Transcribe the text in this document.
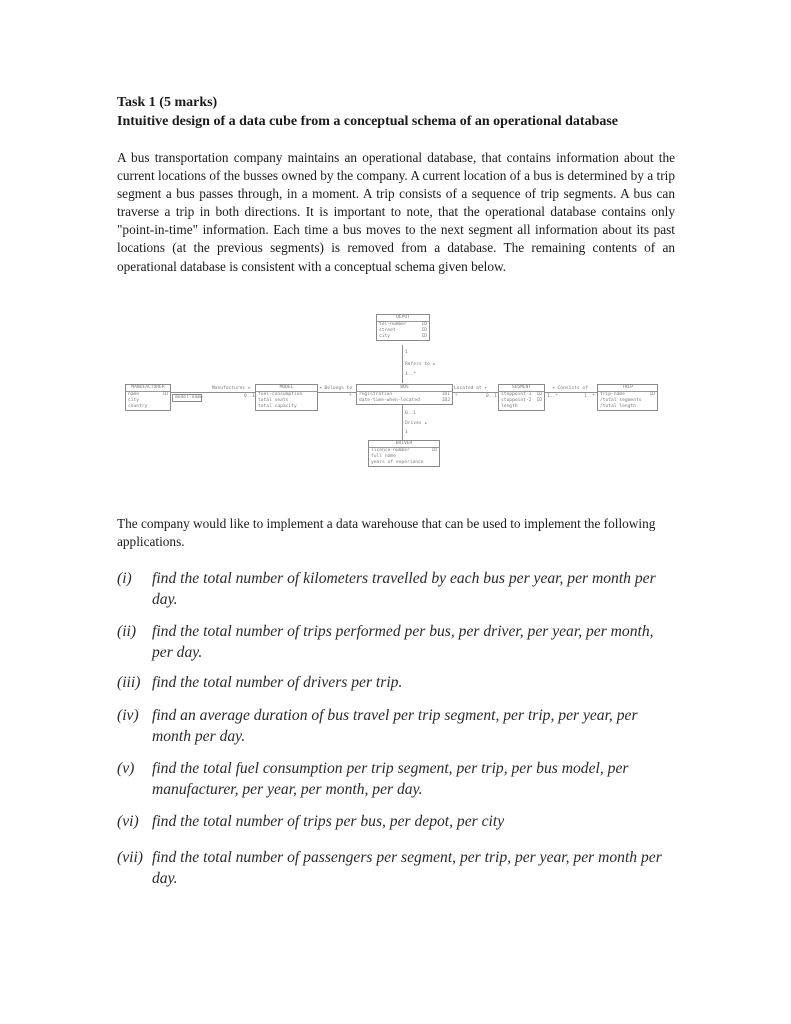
Task 1 (5 marks)
Intuitive design of a data cube from a conceptual schema of an operational database

A bus transportation company maintains an operational database, that contains information about the current locations of the busses owned by the company. A current location of a bus is determined by a trip segment a bus passes through, in a moment. A trip consists of a sequence of trip segments. A bus can traverse a trip in both directions. It is important to note, that the operational database contains only "point-in-time" information. Each time a bus moves to the next segment all information about its past locations (at the previous segments) is removed from a database. The remaining contents of an operational database is consistent with a conceptual schema given below.

DEPOT
tel-number	ID
street	ID
city	ID
MANUFACTURER
name	ID
city
country
model-name
MODEL
fuel-consumption
total seats
total capacity
BUS
registration	ID1
date-time-when-located	ID2
SEGMENT
stoppoint-1 ID
stoppoint-2 ID
length
TRIP
trip-name	ID
/total segments
/total length
DRIVER
licence-number	ID
full name
years of experience
Manufactures ▸
0..1
◂ Belongs to
*
Located at ▸
*	0..1
◂ Consists of
1..*	1..*
1
Refers to ▴
1..*
0..1
Drives ▴
1

The company would like to implement a data warehouse that can be used to implement the following applications.

(i) find the total number of kilometers travelled by each bus per year, per month per day.
(ii) find the total number of trips performed per bus, per driver, per year, per month, per day.
(iii) find the total number of drivers per trip.
(iv) find an average duration of bus travel per trip segment, per trip, per year, per month per day.
(v) find the total fuel consumption per trip segment, per trip, per bus model, per manufacturer, per year, per month, per day.
(vi) find the total number of trips per bus, per depot, per city
(vii) find the total number of passengers per segment, per trip, per year, per month per day.
